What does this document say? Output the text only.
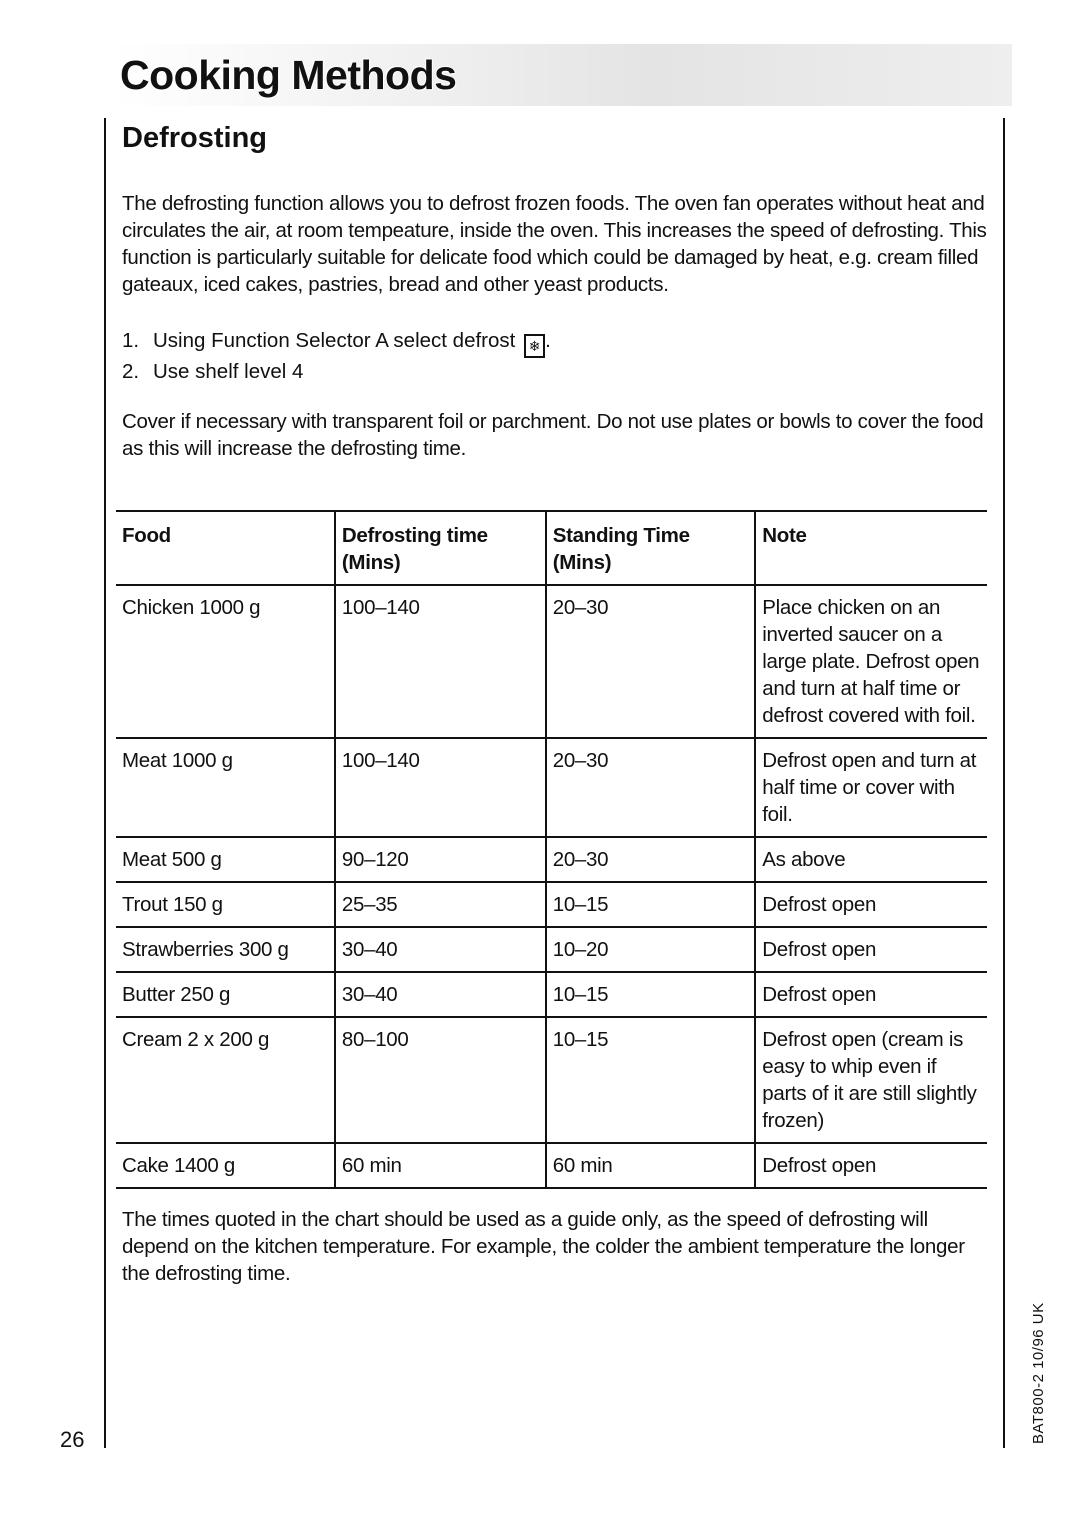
Cooking Methods
Defrosting

The defrosting function allows you to defrost frozen foods. The oven fan operates without heat and circulates the air, at room tempeature, inside the oven. This increases the speed of defrosting. This function is particularly suitable for delicate food which could be damaged by heat, e.g. cream filled gateaux, iced cakes, pastries, bread and other yeast products.

1. Using Function Selector A select defrost ❄ .
2. Use shelf level 4

Cover if necessary with transparent foil or parchment. Do not use plates or bowls to cover the food as this will increase the defrosting time.

Food	Defrosting time (Mins)	Standing Time (Mins)	Note
Chicken 1000 g	100–140	20–30	Place chicken on an inverted saucer on a large plate. Defrost open and turn at half time or defrost covered with foil.
Meat 1000 g	100–140	20–30	Defrost open and turn at half time or cover with foil.
Meat 500 g	90–120	20–30	As above
Trout 150 g	25–35	10–15	Defrost open
Strawberries 300 g	30–40	10–20	Defrost open
Butter 250 g	30–40	10–15	Defrost open
Cream 2 x 200 g	80–100	10–15	Defrost open (cream is easy to whip even if parts of it are still slightly frozen)
Cake 1400 g	60 min	60 min	Defrost open

The times quoted in the chart should be used as a guide only, as the speed of defrosting will depend on the kitchen temperature. For example, the colder the ambient temperature the longer the defrosting time.

26	BAT800-2 10/96 UK
